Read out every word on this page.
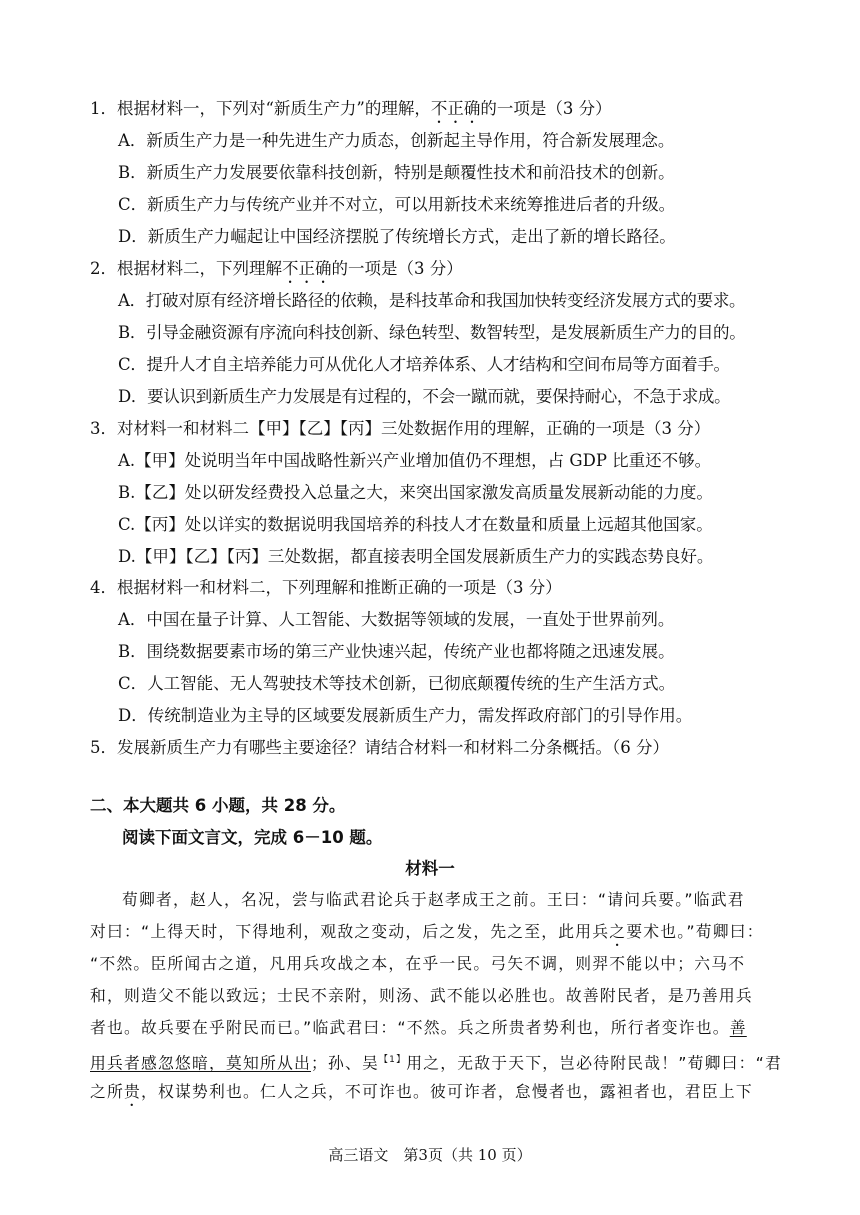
1．根据材料一，下列对“新质生产力”的理解，不正确的一项是（3 分）
A．新质生产力是一种先进生产力质态，创新起主导作用，符合新发展理念。
B．新质生产力发展要依靠科技创新，特别是颠覆性技术和前沿技术的创新。
C．新质生产力与传统产业并不对立，可以用新技术来统筹推进后者的升级。
D．新质生产力崛起让中国经济摆脱了传统增长方式，走出了新的增长路径。
2．根据材料二，下列理解不正确的一项是（3 分）
A．打破对原有经济增长路径的依赖，是科技革命和我国加快转变经济发展方式的要求。
B．引导金融资源有序流向科技创新、绿色转型、数智转型，是发展新质生产力的目的。
C．提升人才自主培养能力可从优化人才培养体系、人才结构和空间布局等方面着手。
D．要认识到新质生产力发展是有过程的，不会一蹴而就，要保持耐心，不急于求成。
3．对材料一和材料二【甲】【乙】【丙】三处数据作用的理解，正确的一项是（3 分）
A.【甲】处说明当年中国战略性新兴产业增加值仍不理想，占 GDP 比重还不够。
B.【乙】处以研发经费投入总量之大，来突出国家激发高质量发展新动能的力度。
C.【丙】处以详实的数据说明我国培养的科技人才在数量和质量上远超其他国家。
D.【甲】【乙】【丙】三处数据，都直接表明全国发展新质生产力的实践态势良好。
4．根据材料一和材料二，下列理解和推断正确的一项是（3 分）
A．中国在量子计算、人工智能、大数据等领域的发展，一直处于世界前列。
B．围绕数据要素市场的第三产业快速兴起，传统产业也都将随之迅速发展。
C．人工智能、无人驾驶技术等技术创新，已彻底颠覆传统的生产生活方式。
D．传统制造业为主导的区域要发展新质生产力，需发挥政府部门的引导作用。
5．发展新质生产力有哪些主要途径？请结合材料一和材料二分条概括。（6 分）
二、本大题共 6 小题，共 28 分。
阅读下面文言文，完成 6－10 题。
材料一
荀卿者，赵人，名况，尝与临武君论兵于赵孝成王之前。王曰：“请问兵要。”临武君
对曰：“上得天时，下得地利，观敌之变动，后之发，先之至，此用兵之要术也。”荀卿曰：
“不然。臣所闻古之道，凡用兵攻战之本，在乎一民。弓矢不调，则羿不能以中；六马不
和，则造父不能以致远；士民不亲附，则汤、武不能以必胜也。故善附民者，是乃善用兵
者也。故兵要在乎附民而已。”临武君曰：“不然。兵之所贵者势利也，所行者变诈也。善
用兵者感忽悠暗，莫知所从出；孙、吴$^{【1】}$用之，无敌于天下，岂必待附民哉！”荀卿曰：“君
之所贵，权谋势利也。仁人之兵，不可诈也。彼可诈者，怠慢者也，露袒者也，君臣上下
高三语文　第3页（共 10 页）
